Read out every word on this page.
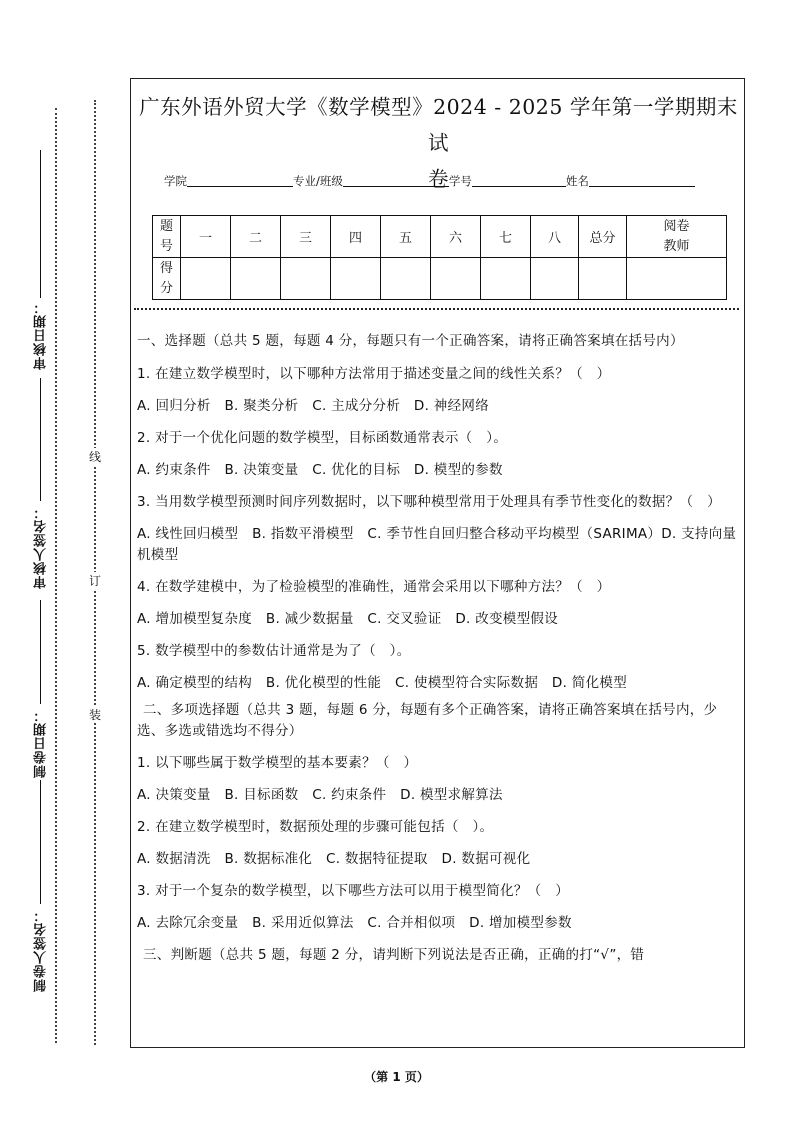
审核日期：
审核人签名：
制卷日期：
制卷人签名：
线
订
装
广东外语外贸大学《数学模型》2024 - 2025 学年第一学期期末试
卷
学院	专业/班级	学号	姓名
题号	一	二	三	四	五	六	七	八	总分	阅卷教师
得分										

一、选择题（总共 5 题，每题 4 分，每题只有一个正确答案，请将正确答案填在括号内）

1. 在建立数学模型时，以下哪种方法常用于描述变量之间的线性关系？（　）

A. 回归分析　B. 聚类分析　C. 主成分分析　D. 神经网络

2. 对于一个优化问题的数学模型，目标函数通常表示（　）。

A. 约束条件　B. 决策变量　C. 优化的目标　D. 模型的参数

3. 当用数学模型预测时间序列数据时，以下哪种模型常用于处理具有季节性变化的数据？（　）

A. 线性回归模型　B. 指数平滑模型　C. 季节性自回归整合移动平均模型（SARIMA）D. 支持向量机模型

4. 在数学建模中，为了检验模型的准确性，通常会采用以下哪种方法？（　）

A. 增加模型复杂度　B. 减少数据量　C. 交叉验证　D. 改变模型假设

5. 数学模型中的参数估计通常是为了（　）。

A. 确定模型的结构　B. 优化模型的性能　C. 使模型符合实际数据　D. 简化模型

二、多项选择题（总共 3 题，每题 6 分，每题有多个正确答案，请将正确答案填在括号内，少选、多选或错选均不得分）

1. 以下哪些属于数学模型的基本要素？（　）

A. 决策变量　B. 目标函数　C. 约束条件　D. 模型求解算法

2. 在建立数学模型时，数据预处理的步骤可能包括（　）。

A. 数据清洗　B. 数据标准化　C. 数据特征提取　D. 数据可视化

3. 对于一个复杂的数学模型，以下哪些方法可以用于模型简化？（　）

A. 去除冗余变量　B. 采用近似算法　C. 合并相似项　D. 增加模型参数

三、判断题（总共 5 题，每题 2 分，请判断下列说法是否正确，正确的打“√”，错

（第 1 页）
